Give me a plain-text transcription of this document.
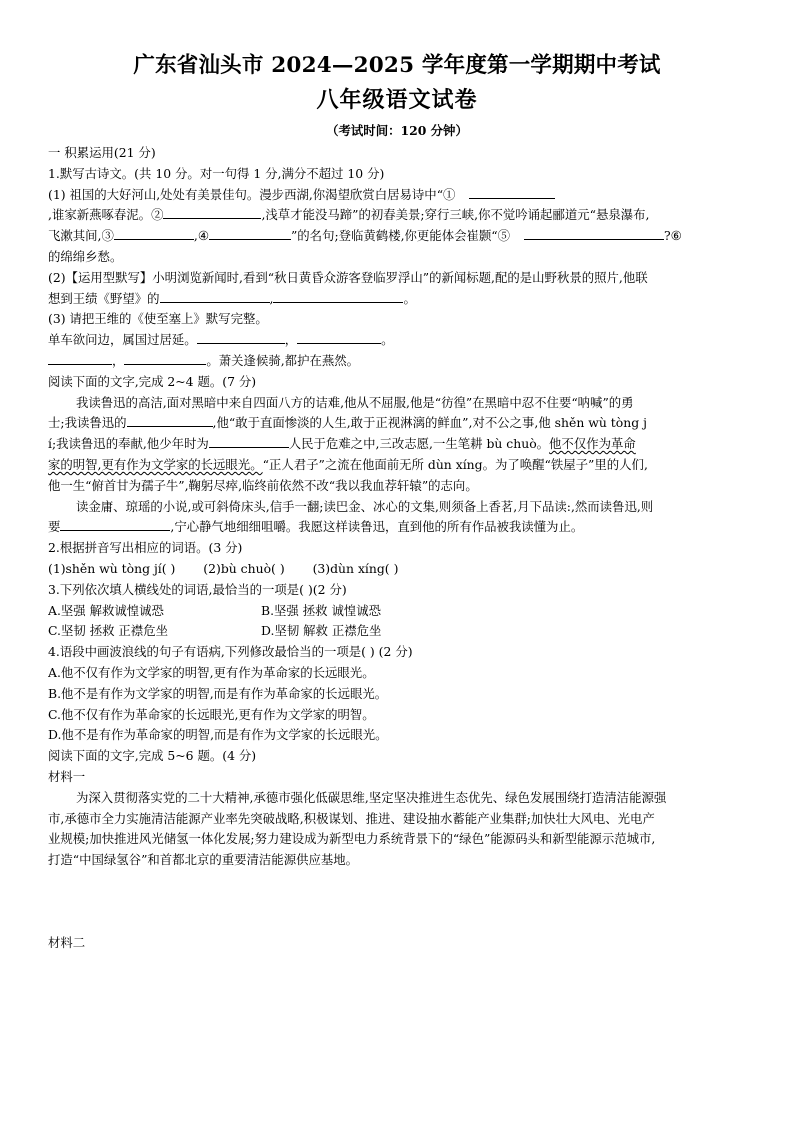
广东省汕头市 2024—2025 学年度第一学期期中考试
八年级语文试卷
（考试时间：120 分钟）
一 积累运用(21 分)
1.默写古诗文。(共 10 分。对一句得 1 分,满分不超过 10 分)
(1) 祖国的大好河山,处处有美景佳句。漫步西湖,你渴望欣赏白居易诗中“①
,谁家新燕啄春泥。②	,浅草才能没马蹄”的初春美景;穿行三峡,你不觉吟诵起郦道元“悬泉瀑布,
飞漱其间,③	,④	”的名句;登临黄鹤楼,你更能体会崔颢“⑤	?⑥
的绵绵乡愁。
(2)【运用型默写】小明浏览新闻时,看到“秋日黄昏众游客登临罗浮山”的新闻标题,配的是山野秋景的照片,他联
想到王绩《野望》的	,	。
(3) 请把王维的《使至塞上》默写完整。
单车欲问边，属国过居延。	，	。
，	。萧关逢候骑,都护在燕然。
阅读下面的文字,完成 2~4 题。(7 分)
我读鲁迅的高洁,面对黑暗中来自四面八方的诘难,他从不屈服,他是“彷徨”在黑暗中忍不住要“呐喊”的勇
士;我读鲁迅的	,他“敢于直面惨淡的人生,敢于正视淋漓的鲜血”,对不公之事,他 shěn wù tòng j
í;我读鲁迅的奉献,他少年时为	人民于危难之中,三改志愿,一生笔耕 bù chuò。他不仅作为革命
家的明智,更有作为文学家的长远眼光。“正人君子”之流在他面前无所 dùn xíng。为了唤醒“铁屋子”里的人们,
他一生“俯首甘为孺子牛”,鞠躬尽瘁,临终前依然不改“我以我血荐轩辕”的志向。
读金庸、琼瑶的小说,或可斜倚床头,信手一翻;读巴金、冰心的文集,则须备上香茗,月下品读:,然而读鲁迅,则
要	,宁心静气地细细咀嚼。我愿这样读鲁迅，直到他的所有作品被我读懂为止。
2.根据拼音写出相应的词语。(3 分)
(1)shěn wù tòng jí( ) (2)bù chuò( ) (3)dùn xíng( )
3.下列依次填人横线处的词语,最恰当的一项是( )(2 分)
A.坚强 解救诚惶诚恐	B.坚强 拯救 诚惶诚恐
C.坚韧 拯救 正襟危坐	D.坚韧 解救 正襟危坐
4.语段中画波浪线的句子有语病,下列修改最恰当的一项是( ) (2 分)
A.他不仅有作为文学家的明智,更有作为革命家的长远眼光。
B.他不是有作为文学家的明智,而是有作为革命家的长远眼光。
C.他不仅有作为革命家的长远眼光,更有作为文学家的明智。
D.他不是有作为革命家的明智,而是有作为文学家的长远眼光。
阅读下面的文字,完成 5~6 题。(4 分)
材料一
为深入贯彻落实党的二十大精神,承德市强化低碳思维,坚定坚决推进生态优先、绿色发展围绕打造清洁能源强
市,承德市全力实施清洁能源产业率先突破战略,积极谋划、推进、建设抽水蓄能产业集群;加快壮大风电、光电产
业规模;加快推进风光储氢一体化发展;努力建设成为新型电力系统背景下的“绿色”能源码头和新型能源示范城市,
打造“中国绿氢谷”和首都北京的重要清洁能源供应基地。
材料二
